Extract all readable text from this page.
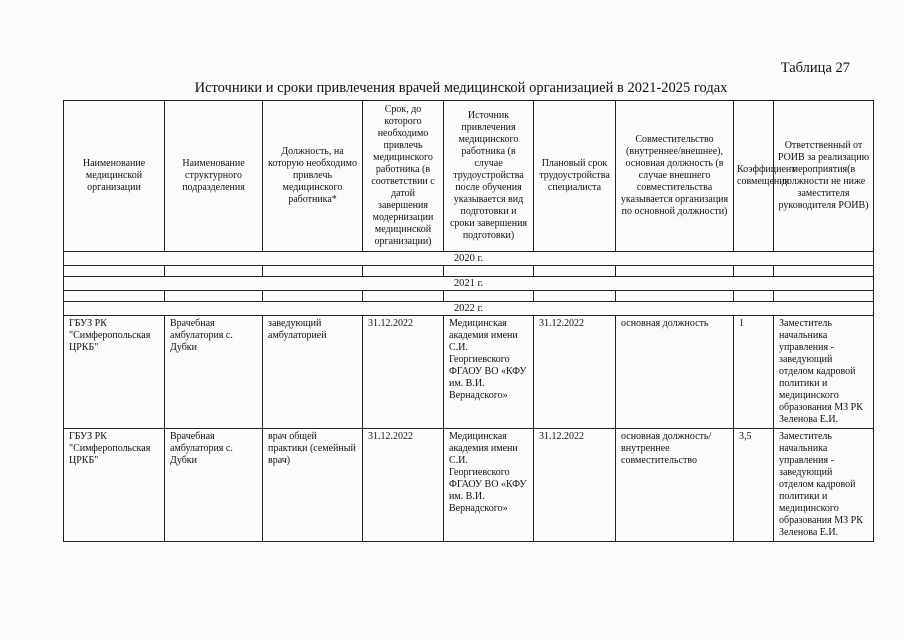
Таблица 27
Источники и сроки привлечения врачей медицинской организацией в 2021-2025 годах
Наименование медицинской организации	Наименование структурного подразделения	Должность, на которую необходимо привлечь медицинского работника*	Срок, до которого необходимо привлечь медицинского работника (в соответствии с датой завершения модернизации медицинской организации)	Источник привлечения медицинского работника (в случае трудоустройства после обучения указывается вид подготовки и сроки завершения подготовки)	Плановый срок трудоустройства специалиста	Совместительство (внутреннее/внешнее), основная должность (в случае внешнего совместительства указывается организация по основной должности)	Коэффициент совмещения	Ответственный от РОИВ за реализацию мероприятия(в должности не ниже заместителя руководителя РОИВ)
2020 г.								

2021 г.								

2022 г.								
ГБУЗ РК "Симферопольская ЦРКБ"	Врачебная амбулатория с. Дубки	заведующий амбулаторией	31.12.2022	Медицинская академия имени С.И. Георгиевского ФГАОУ ВО «КФУ им. В.И. Вернадского»	31.12.2022	основная должность	1	Заместитель начальника управления - заведующий отделом кадровой политики и медицинского образования МЗ РК Зеленова Е.И.
ГБУЗ РК "Симферопольская ЦРКБ"	Врачебная амбулатория с. Дубки	врач общей практики (семейный врач)	31.12.2022	Медицинская академия имени С.И. Георгиевского ФГАОУ ВО «КФУ им. В.И. Вернадского»	31.12.2022	основная должность/ внутреннее совместительство	3,5	Заместитель начальника управления - заведующий отделом кадровой политики и медицинского образования МЗ РК Зеленова Е.И.
